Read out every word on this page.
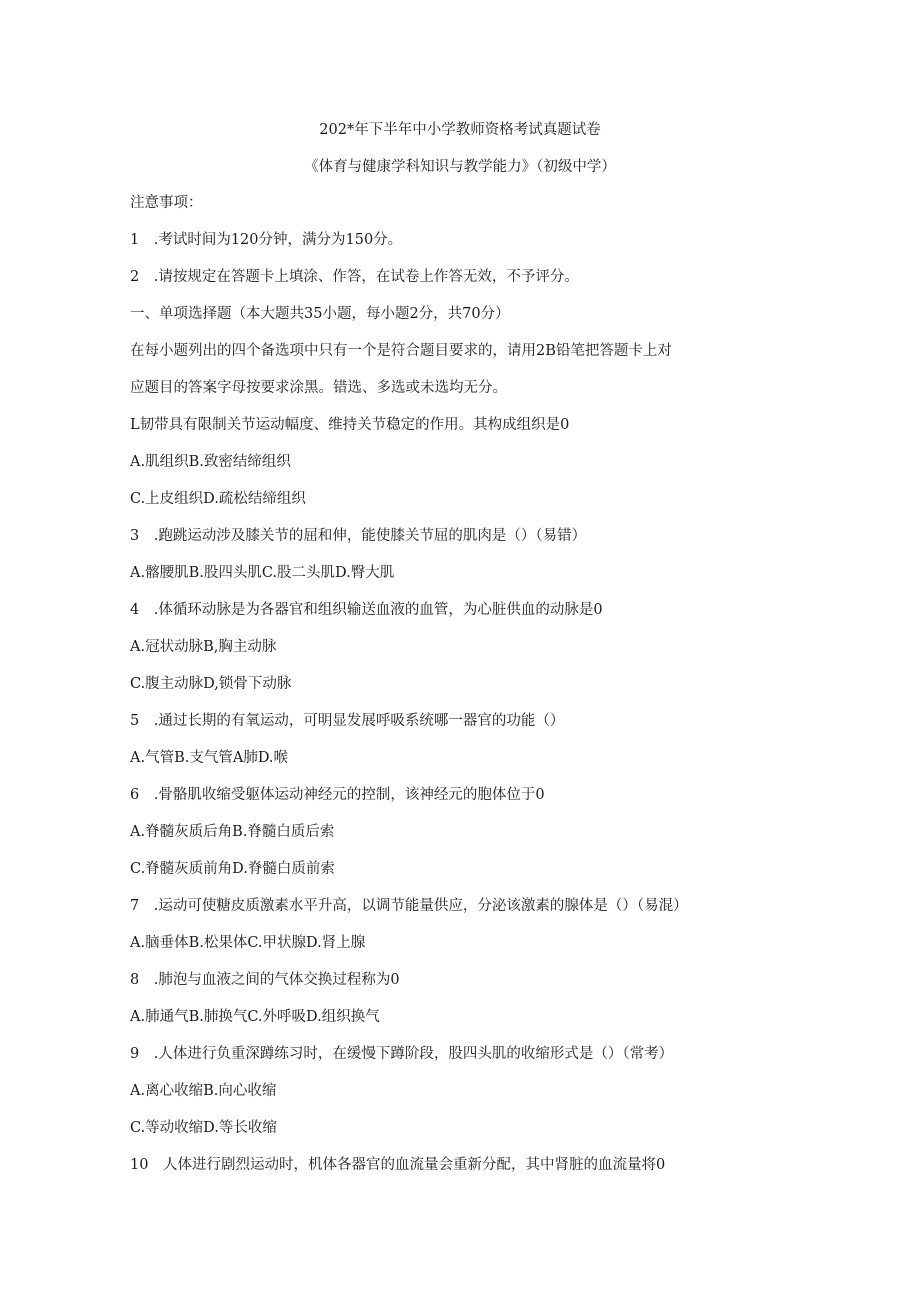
202*年下半年中小学教师资格考试真题试卷
《体育与健康学科知识与教学能力》（初级中学）
注意事项：
1　.考试时间为120分钟，满分为150分。
2　.请按规定在答题卡上填涂、作答，在试卷上作答无效，不予评分。
一、单项选择题（本大题共35小题，每小题2分，共70分）
在每小题列出的四个备选项中只有一个是符合题目要求的，请用2B铅笔把答题卡上对
应题目的答案字母按要求涂黑。错选、多选或未选均无分。
L韧带具有限制关节运动幅度、维持关节稳定的作用。其构成组织是0
A.肌组织B.致密结缔组织
C.上皮组织D.疏松结缔组织
3　.跑跳运动涉及膝关节的屈和伸，能使膝关节屈的肌肉是（）（易错）
A.髂腰肌B.股四头肌C.股二头肌D.臀大肌
4　.体循环动脉是为各器官和组织输送血液的血管，为心脏供血的动脉是0
A.冠状动脉B,胸主动脉
C.腹主动脉D,锁骨下动脉
5　.通过长期的有氧运动，可明显发展呼吸系统哪一器官的功能（）
A.气管B.支气管A肺D.喉
6　.骨骼肌收缩受躯体运动神经元的控制，该神经元的胞体位于0
A.脊髓灰质后角B.脊髓白质后索
C.脊髓灰质前角D.脊髓白质前索
7　.运动可使糖皮质激素水平升高，以调节能量供应，分泌该激素的腺体是（）（易混）
A.脑垂体B.松果体C.甲状腺D.肾上腺
8　.肺泡与血液之间的气体交换过程称为0
A.肺通气B.肺换气C.外呼吸D.组织换气
9　.人体进行负重深蹲练习时，在缓慢下蹲阶段，股四头肌的收缩形式是（）（常考）
A.离心收缩B.向心收缩
C.等动收缩D.等长收缩
10　人体进行剧烈运动时，机体各器官的血流量会重新分配，其中肾脏的血流量将0
